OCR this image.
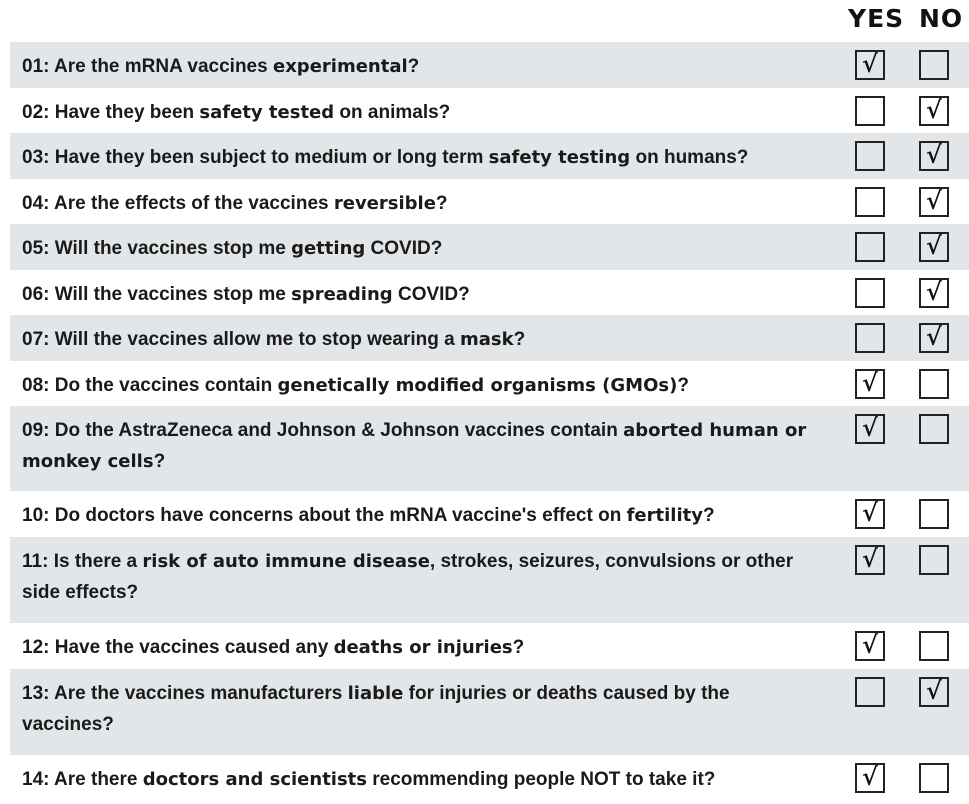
YES NO
01: Are the mRNA vaccines experimental?
√
02: Have they been safety tested on animals?
√
03: Have they been subject to medium or long term safety testing on humans?
√
04: Are the effects of the vaccines reversible?
√
05: Will the vaccines stop me getting COVID?
√
06: Will the vaccines stop me spreading COVID?
√
07: Will the vaccines allow me to stop wearing a mask?
√
08: Do the vaccines contain genetically modified organisms (GMOs)?
√
09: Do the AstraZeneca and Johnson & Johnson vaccines contain aborted human or monkey cells?
√
10: Do doctors have concerns about the mRNA vaccine's effect on fertility?
√
11: Is there a risk of auto immune disease, strokes, seizures, convulsions or other side effects?
√
12: Have the vaccines caused any deaths or injuries?
√
13: Are the vaccines manufacturers liable for injuries or deaths caused by the vaccines?
√
14: Are there doctors and scientists recommending people NOT to take it?
√
